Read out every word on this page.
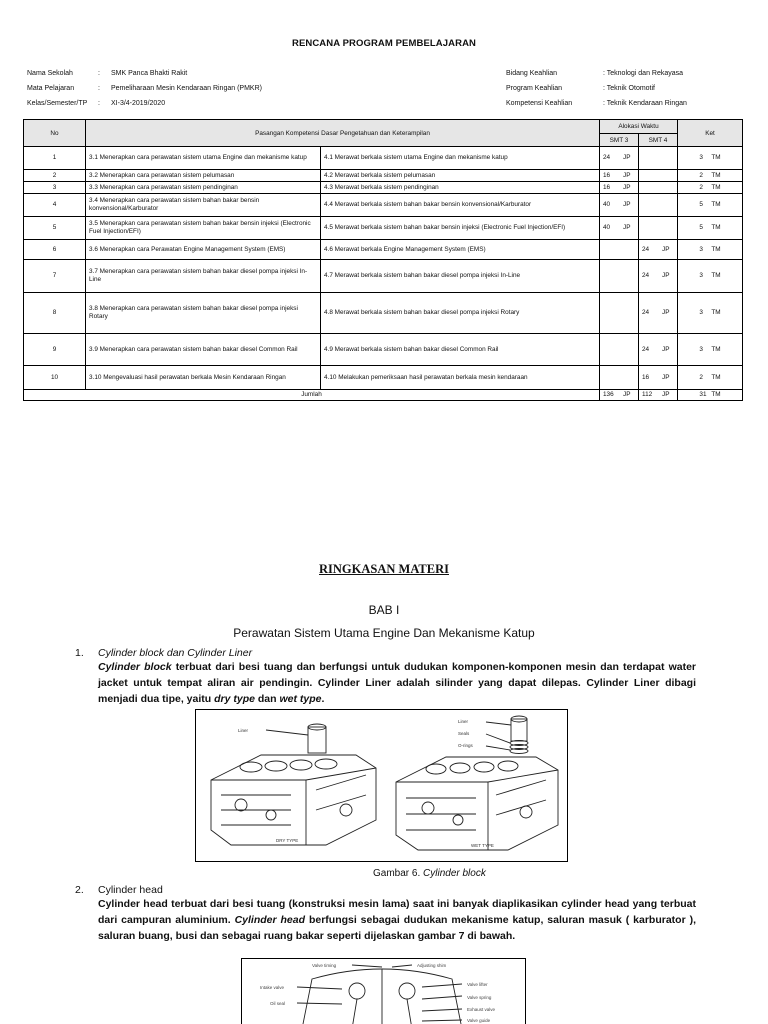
RENCANA PROGRAM PEMBELAJARAN
Nama Sekolah	:	SMK Panca Bhakti Rakit
Mata Pelajaran	:	Pemeliharaan Mesin Kendaraan Ringan (PMKR)
Kelas/Semester/TP	:	XI-3/4-2019/2020
Bidang Keahlian	: Teknologi dan Rekayasa
Program Keahlian	: Teknik Otomotif
Kompetensi Keahlian	: Teknik Kendaraan Ringan
No	Pasangan Kompetensi Dasar Pengetahuan dan Keterampilan		Alokasi Waktu		Ket
			SMT 3	SMT 4	
1	3.1 Menerapkan cara perawatan sistem utama Engine dan mekanisme katup	4.1 Merawat berkala sistem utama Engine dan mekanisme katup	24 JP		3 TM
2	3.2 Menerapkan cara perawatan sistem pelumasan	4.2 Merawat berkala sistem pelumasan	16 JP		2 TM
3	3.3 Menerapkan cara perawatan sistem pendinginan	4.3 Merawat berkala sistem pendinginan	16 JP		2 TM
4	3.4 Menerapkan cara perawatan sistem bahan bakar bensin konvensional/Karburator	4.4 Merawat berkala sistem bahan bakar bensin konvensional/Karburator	40 JP		5 TM
5	3.5 Menerapkan cara perawatan sistem bahan bakar bensin injeksi (Electronic Fuel Injection/EFI)	4.5 Merawat berkala sistem bahan bakar bensin injeksi (Electronic Fuel Injection/EFI)	40 JP		5 TM
6	3.6 Menerapkan cara Perawatan Engine Management System (EMS)	4.6 Merawat berkala Engine Management System (EMS)		24 JP	3 TM
7	3.7 Menerapkan cara perawatan sistem bahan bakar diesel pompa injeksi In-Line	4.7 Merawat berkala sistem bahan bakar diesel pompa injeksi In-Line		24 JP	3 TM
8	3.8 Menerapkan cara perawatan sistem bahan bakar diesel pompa injeksi Rotary	4.8 Merawat berkala sistem bahan bakar diesel pompa injeksi Rotary		24 JP	3 TM
9	3.9 Menerapkan cara perawatan sistem bahan bakar diesel Common Rail	4.9 Merawat berkala sistem bahan bakar diesel Common Rail		24 JP	3 TM
10	3.10 Mengevaluasi hasil perawatan berkala Mesin Kendaraan Ringan	4.10 Melakukan pemeriksaan hasil perawatan berkala mesin kendaraan		16 JP	2 TM
Jumlah			136 JP	112 JP	31 TM
RINGKASAN MATERI
BAB I
Perawatan Sistem Utama Engine Dan Mekanisme Katup
1.	Cylinder block dan Cylinder Liner
Cylinder block terbuat dari besi tuang dan berfungsi untuk dudukan komponen-komponen mesin dan terdapat water jacket untuk tempat aliran air pendingin. Cylinder Liner adalah silinder yang dapat dilepas. Cylinder Liner dibagi menjadi dua tipe, yaitu dry type dan wet type.
Liner
Liner
Seals
O-rings
DRY TYPE
WET TYPE
Gambar 6. Cylinder block
2.	Cylinder head
Cylinder head terbuat dari besi tuang (konstruksi mesin lama) saat ini banyak diaplikasikan cylinder head yang terbuat dari campuran aluminium. Cylinder head berfungsi sebagai dudukan mekanisme katup, saluran masuk ( karburator ), saluran buang, busi dan sebagai ruang bakar seperti dijelaskan gambar 7 di bawah.
Valve timing	Adjusting shim
Intake valve
Valve lifter
Oil seal
Valve spring
Exhaust valve
Valve guide
